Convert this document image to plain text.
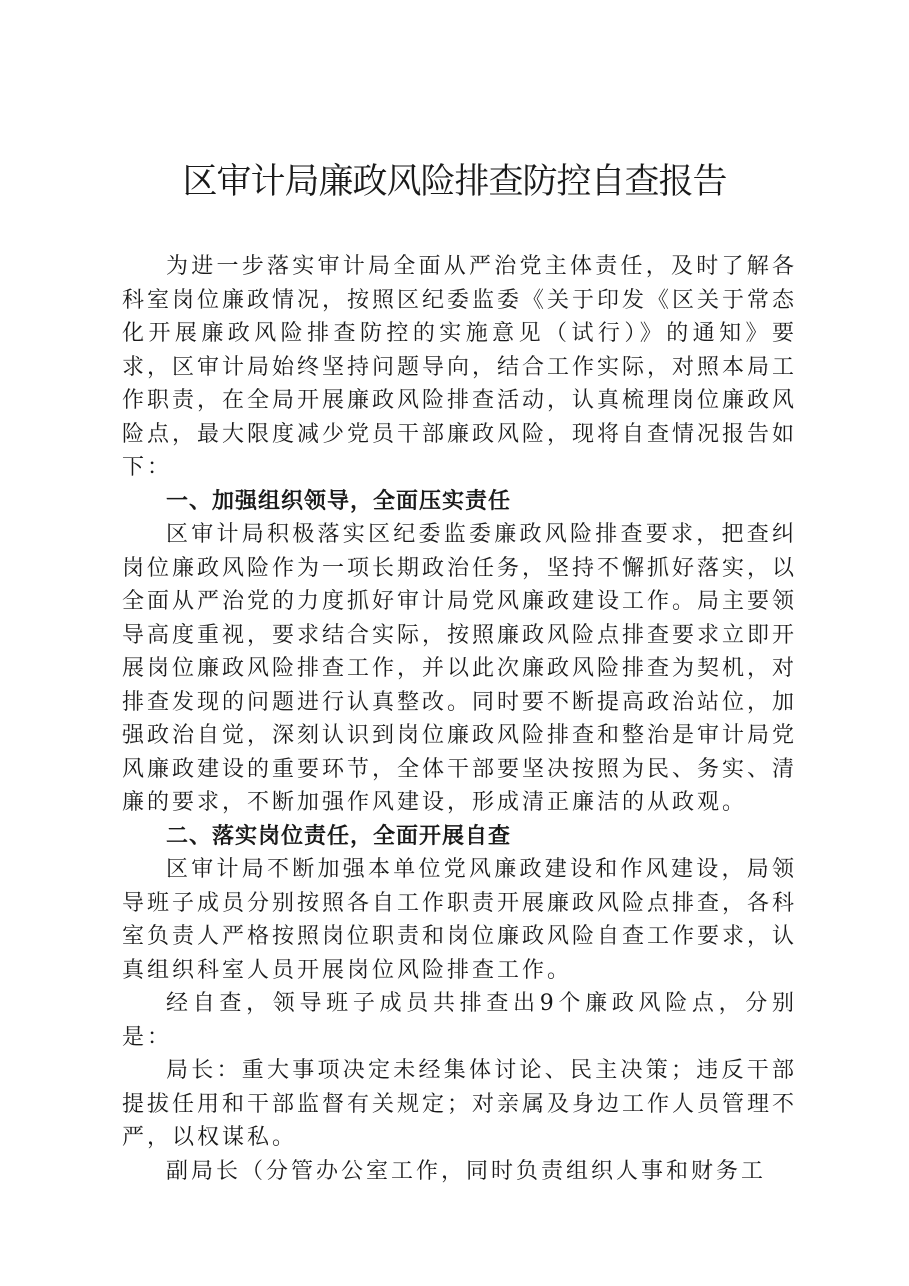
区审计局廉政风险排查防控自查报告

为进一步落实审计局全面从严治党主体责任，及时了解各科室岗位廉政情况，按照区纪委监委《关于印发《区关于常态化开展廉政风险排查防控的实施意见（试行）》的通知》要求，区审计局始终坚持问题导向，结合工作实际，对照本局工作职责，在全局开展廉政风险排查活动，认真梳理岗位廉政风险点，最大限度减少党员干部廉政风险，现将自查情况报告如下：

一、加强组织领导，全面压实责任

区审计局积极落实区纪委监委廉政风险排查要求，把查纠岗位廉政风险作为一项长期政治任务，坚持不懈抓好落实，以全面从严治党的力度抓好审计局党风廉政建设工作。局主要领导高度重视，要求结合实际，按照廉政风险点排查要求立即开展岗位廉政风险排查工作，并以此次廉政风险排查为契机，对排查发现的问题进行认真整改。同时要不断提高政治站位，加强政治自觉，深刻认识到岗位廉政风险排查和整治是审计局党风廉政建设的重要环节，全体干部要坚决按照为民、务实、清廉的要求，不断加强作风建设，形成清正廉洁的从政观。

二、落实岗位责任，全面开展自查

区审计局不断加强本单位党风廉政建设和作风建设，局领导班子成员分别按照各自工作职责开展廉政风险点排查，各科室负责人严格按照岗位职责和岗位廉政风险自查工作要求，认真组织科室人员开展岗位风险排查工作。

经自查，领导班子成员共排查出9个廉政风险点，分别是：

局长：重大事项决定未经集体讨论、民主决策；违反干部提拔任用和干部监督有关规定；对亲属及身边工作人员管理不严，以权谋私。

副局长（分管办公室工作，同时负责组织人事和财务工
